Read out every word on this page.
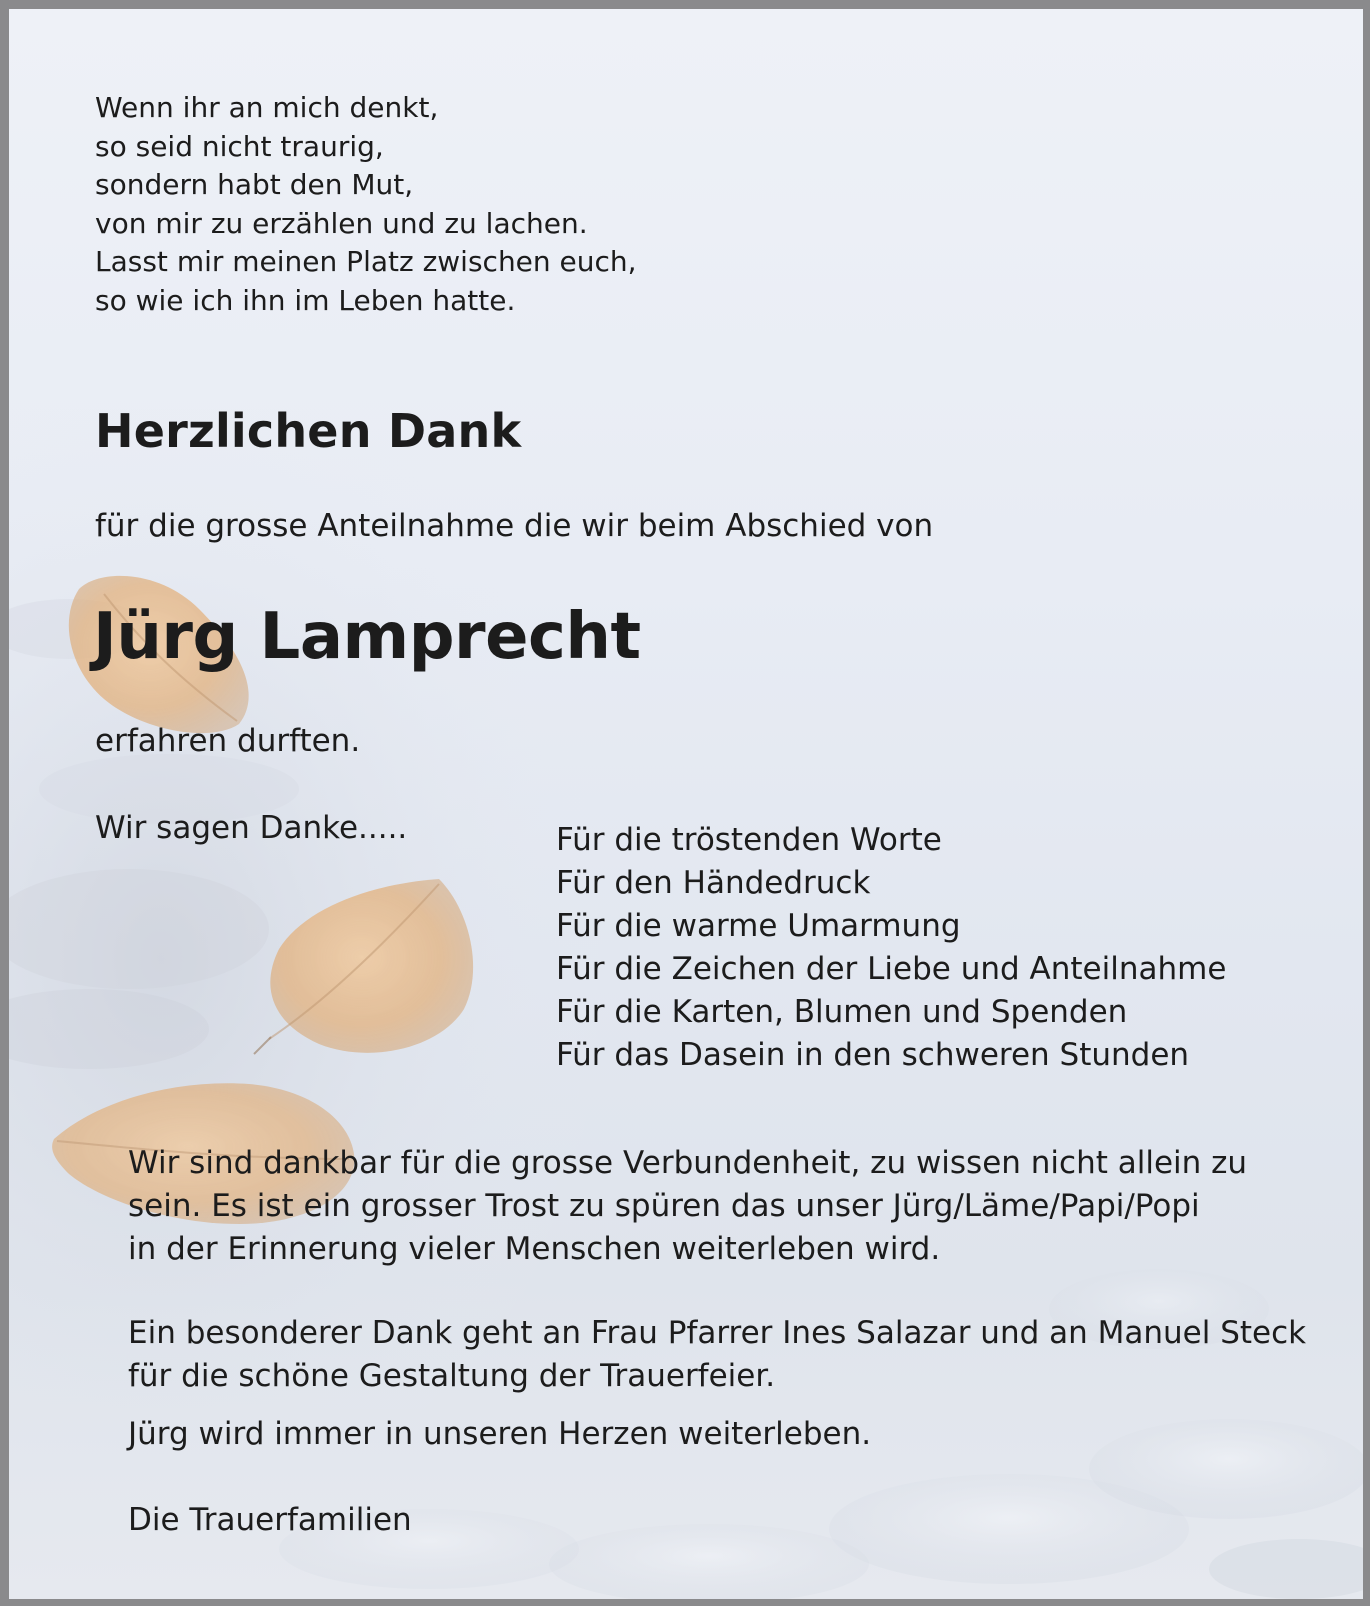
Wenn ihr an mich denkt,
so seid nicht traurig,
sondern habt den Mut,
von mir zu erzählen und zu lachen.
Lasst mir meinen Platz zwischen euch,
so wie ich ihn im Leben hatte.

Herzlichen Dank

für die grosse Anteilnahme die wir beim Abschied von

Jürg Lamprecht

erfahren durften.

Wir sagen Danke.....	Für die tröstenden Worte
Für den Händedruck
Für die warme Umarmung
Für die Zeichen der Liebe und Anteilnahme
Für die Karten, Blumen und Spenden
Für das Dasein in den schweren Stunden

Wir sind dankbar für die grosse Verbundenheit, zu wissen nicht allein zu
sein. Es ist ein grosser Trost zu spüren das unser Jürg/Läme/Papi/Popi
in der Erinnerung vieler Menschen weiterleben wird.

Ein besonderer Dank geht an Frau Pfarrer Ines Salazar und an Manuel Steck
für die schöne Gestaltung der Trauerfeier.

Jürg wird immer in unseren Herzen weiterleben.

Die Trauerfamilien
